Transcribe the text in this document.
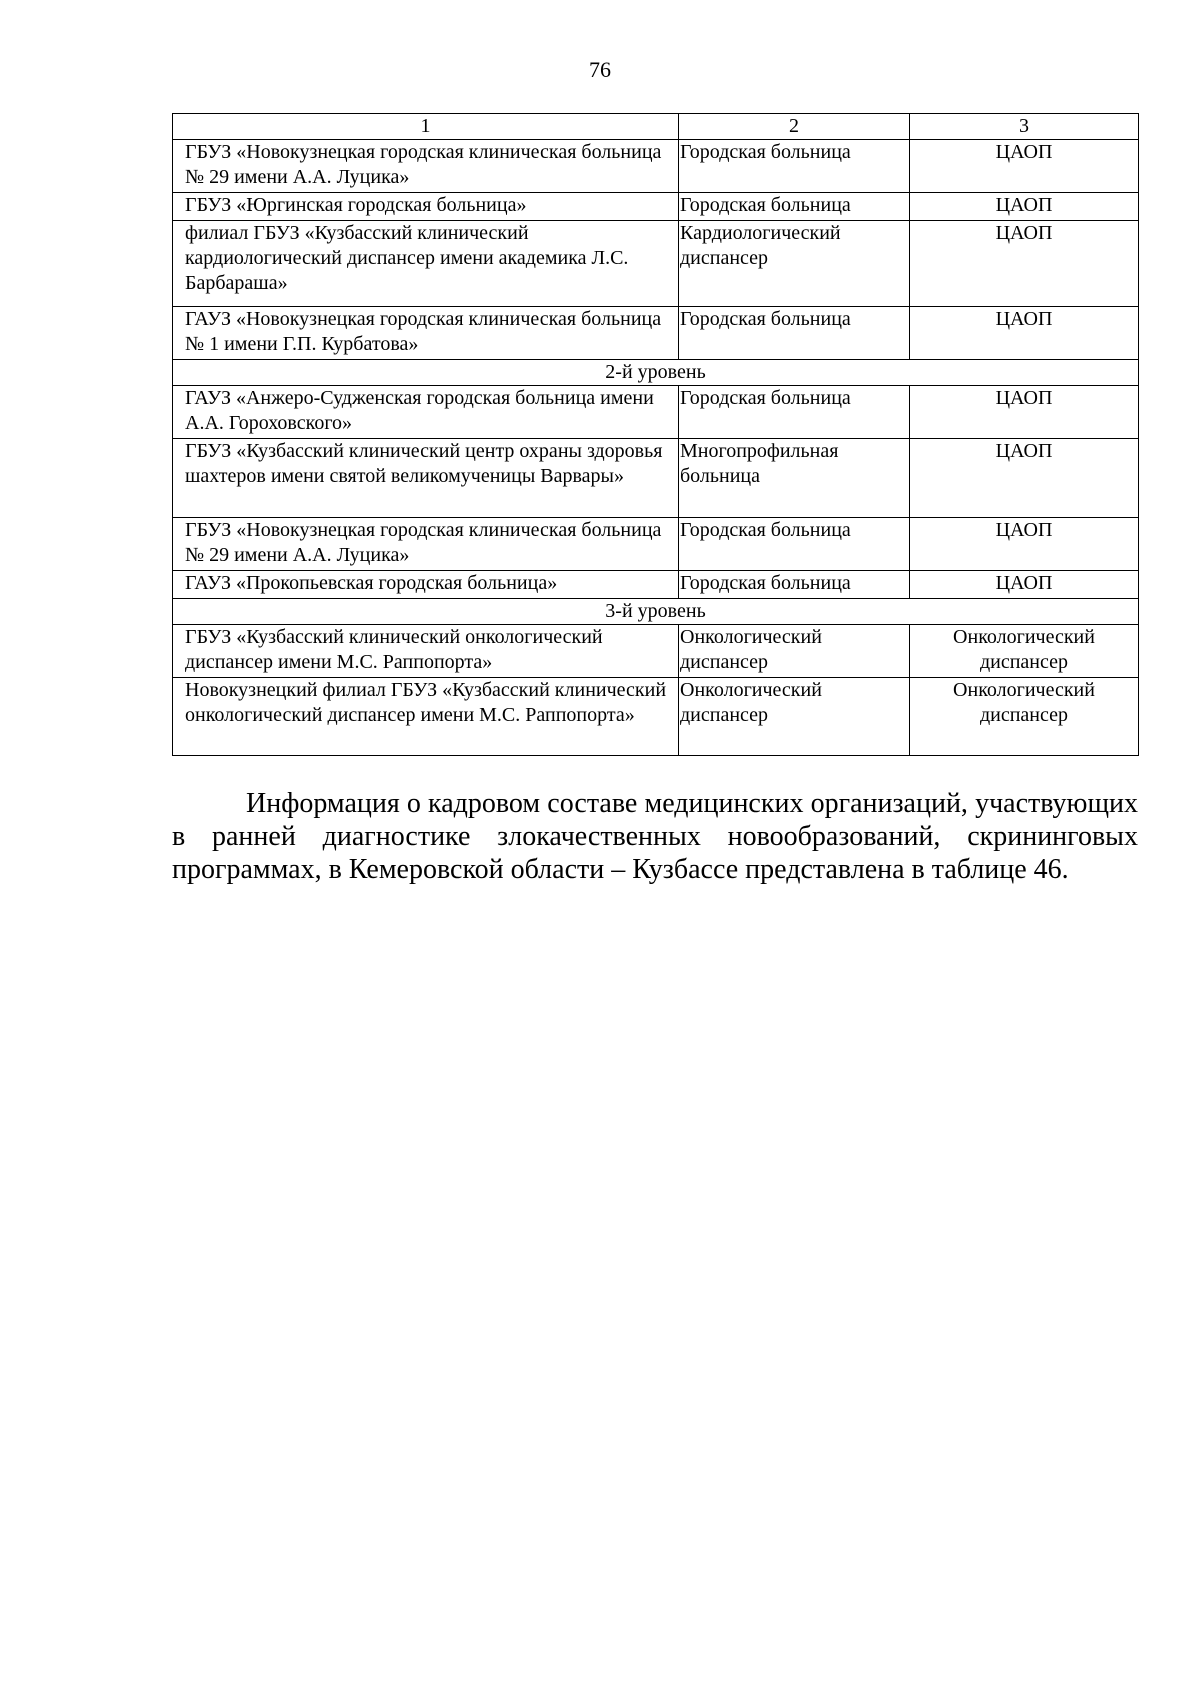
76
1	2	3
ГБУЗ «Новокузнецкая городская клиническая больница № 29 имени А.А. Луцика»	Городская больница	ЦАОП
ГБУЗ «Юргинская городская больница»	Городская больница	ЦАОП
филиал ГБУЗ «Кузбасский клинический кардиологический диспансер имени академика Л.С. Барбараша»	Кардиологический диспансер	ЦАОП
ГАУЗ «Новокузнецкая городская клиническая больница № 1 имени Г.П. Курбатова»	Городская больница	ЦАОП
2-й уровень		
ГАУЗ «Анжеро-Судженская городская больница имени А.А. Гороховского»	Городская больница	ЦАОП
ГБУЗ «Кузбасский клинический центр охраны здоровья шахтеров имени святой великомученицы Варвары»	Многопрофильная больница	ЦАОП
ГБУЗ «Новокузнецкая городская клиническая больница № 29 имени А.А. Луцика»	Городская больница	ЦАОП
ГАУЗ «Прокопьевская городская больница»	Городская больница	ЦАОП
3-й уровень		
ГБУЗ «Кузбасский клинический онкологический диспансер имени М.С. Раппопорта»	Онкологический диспансер	Онкологический диспансер
Новокузнецкий филиал ГБУЗ «Кузбасский клинический онкологический диспансер имени М.С. Раппопорта»	Онкологический диспансер	Онкологический диспансер

Информация о кадровом составе медицинских организаций, участвующих в ранней диагностике злокачественных новообразований, скрининговых программах, в Кемеровской области – Кузбассе представлена в таблице 46.
